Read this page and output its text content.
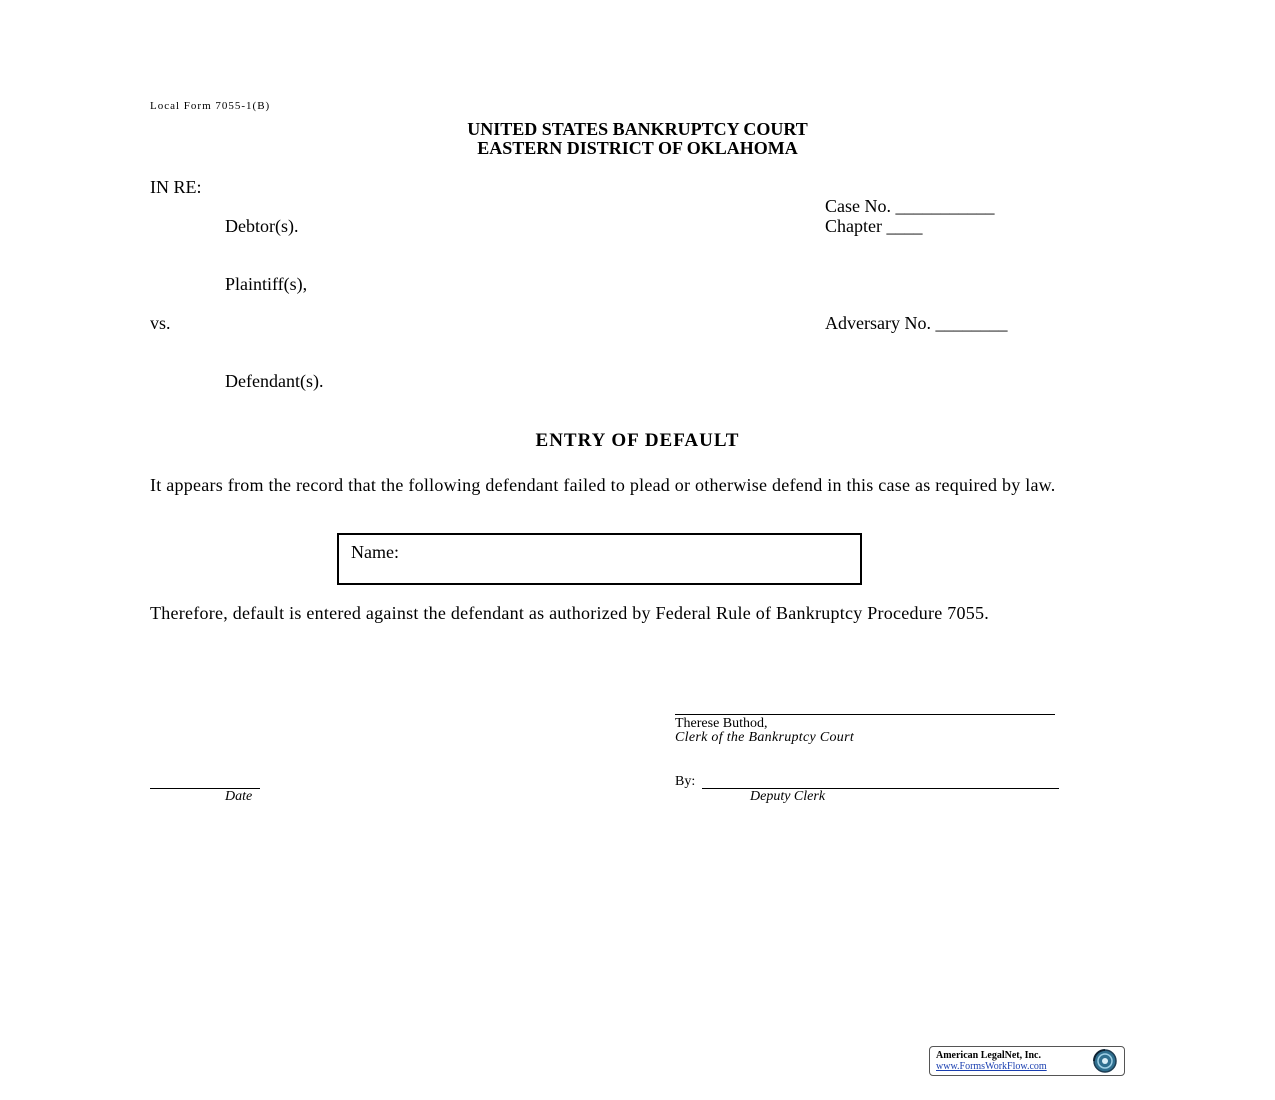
Local Form 7055-1(B)
UNITED STATES BANKRUPTCY COURT
EASTERN DISTRICT OF OKLAHOMA
IN RE:
Case No. ___________
Debtor(s).	Chapter ____
Plaintiff(s),
vs.	Adversary No. ________
Defendant(s).
ENTRY OF DEFAULT
It appears from the record that the following defendant failed to plead or otherwise defend in this case as required by law.
Name:
Therefore, default is entered against the defendant as authorized by Federal Rule of Bankruptcy Procedure 7055.
Therese Buthod,
Clerk of the Bankruptcy Court
By:
Deputy Clerk
Date
American LegalNet, Inc.
www.FormsWorkFlow.com
